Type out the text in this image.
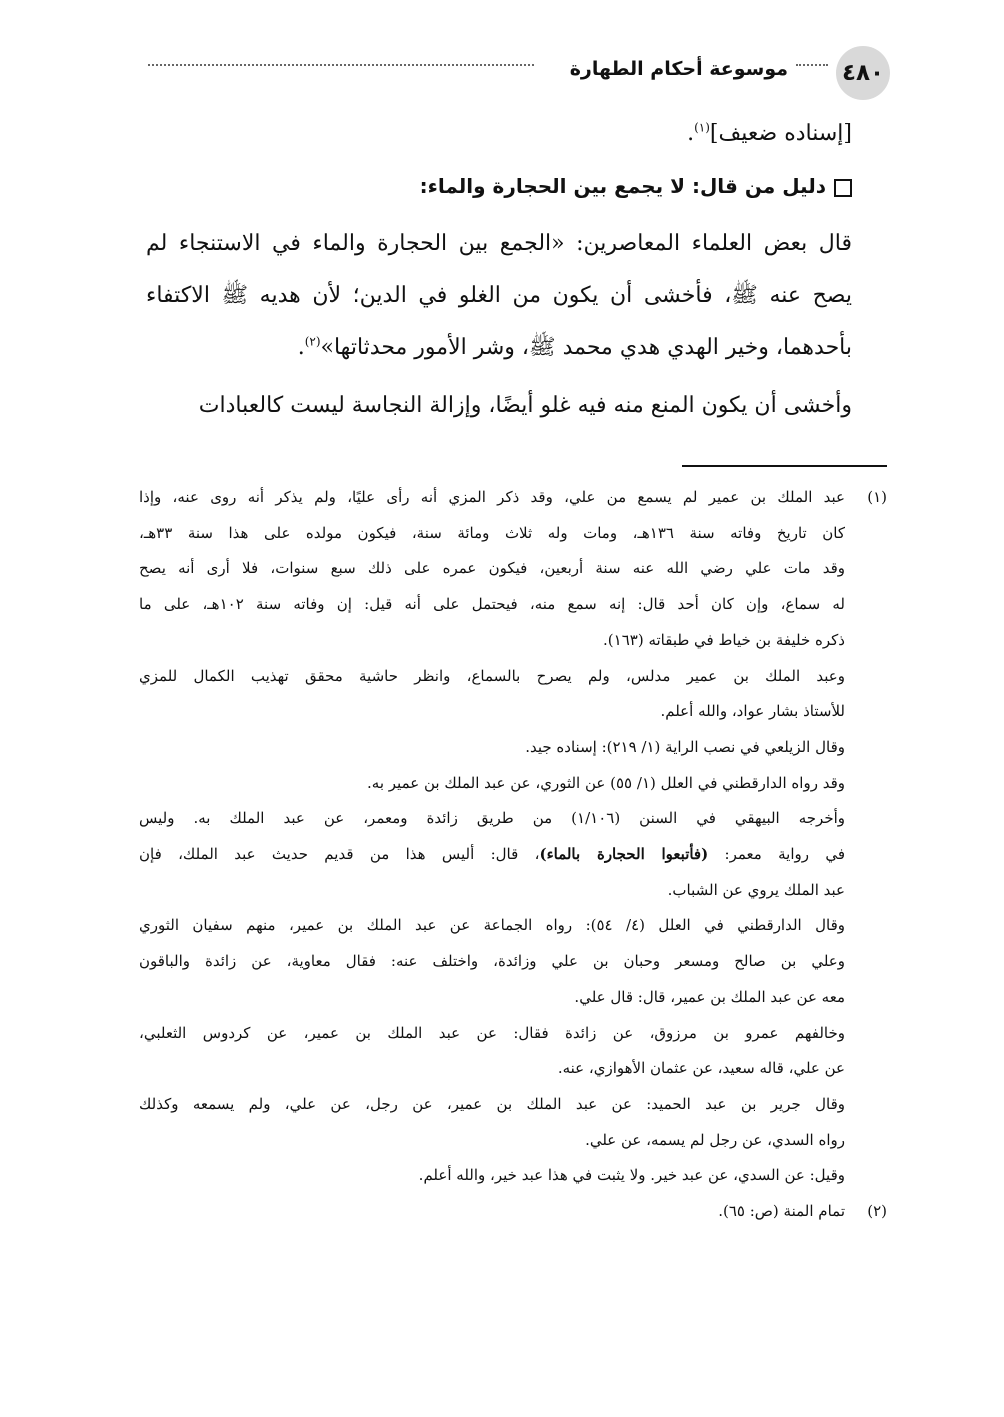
٤٨٠
موسوعة أحكام الطهارة

[إسناده ضعيف]$^{(١)}$.

دليل من قال: لا يجمع بين الحجارة والماء:

قال بعض العلماء المعاصرين: «الجمع بين الحجارة والماء في الاستنجاء لم يصح عنه ﷺ، فأخشى أن يكون من الغلو في الدين؛ لأن هديه ﷺ الاكتفاء بأحدهما، وخير الهدي هدي محمد ﷺ، وشر الأمور محدثاتها»$^{(٢)}$.

وأخشى أن يكون المنع منه فيه غلو أيضًا، وإزالة النجاسة ليست كالعبادات

(١)
عبد الملك بن عمير لم يسمع من علي، وقد ذكر المزي أنه رأى عليًا، ولم يذكر أنه روى عنه، وإذا
كان تاريخ وفاته سنة ١٣٦هـ، ومات وله ثلاث ومائة سنة، فيكون مولده على هذا سنة ٣٣هـ،
وقد مات علي رضي الله عنه سنة أربعين، فيكون عمره على ذلك سبع سنوات، فلا أرى أنه يصح
له سماع، وإن كان أحد قال: إنه سمع منه، فيحتمل على أنه قيل: إن وفاته سنة ١٠٢هـ، على ما
ذكره خليفة بن خياط في طبقاته (١٦٣).
وعبد الملك بن عمير مدلس، ولم يصرح بالسماع، وانظر حاشية محقق تهذيب الكمال للمزي
للأستاذ بشار عواد، والله أعلم.
وقال الزيلعي في نصب الراية (١/ ٢١٩): إسناده جيد.
وقد رواه الدارقطني في العلل (١/ ٥٥) عن الثوري، عن عبد الملك بن عمير به.
وأخرجه البيهقي في السنن (١/١٠٦) من طريق زائدة ومعمر، عن عبد الملك به. وليس
في رواية معمر: (فأتبعوا الحجارة بالماء)، قال: أليس هذا من قديم حديث عبد الملك، فإن
عبد الملك يروي عن الشباب.
وقال الدارقطني في العلل (٤/ ٥٤): رواه الجماعة عن عبد الملك بن عمير، منهم سفيان الثوري
وعلي بن صالح ومسعر وحبان بن علي وزائدة، واختلف عنه: فقال معاوية، عن زائدة والباقون
معه عن عبد الملك بن عمير، قال: قال علي.
وخالفهم عمرو بن مرزوق، عن زائدة فقال: عن عبد الملك بن عمير، عن كردوس الثعلبي،
عن علي، قاله سعيد، عن عثمان الأهوازي، عنه.
وقال جرير بن عبد الحميد: عن عبد الملك بن عمير، عن رجل، عن علي، ولم يسمعه وكذلك
رواه السدي، عن رجل لم يسمه، عن علي.
وقيل: عن السدي، عن عبد خير. ولا يثبت في هذا عبد خير، والله أعلم.
(٢)
تمام المنة (ص: ٦٥).
